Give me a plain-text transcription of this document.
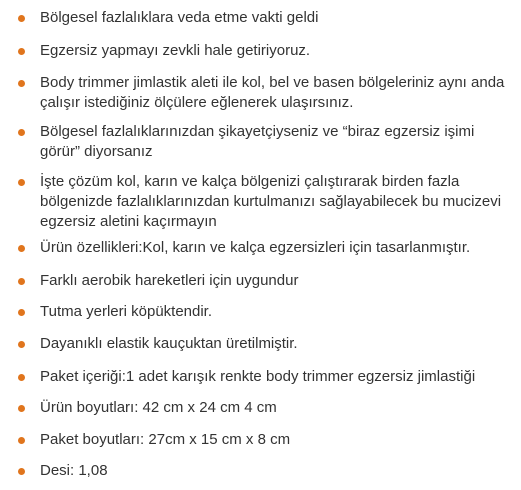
Bölgesel fazlalıklara veda etme vakti geldi
Egzersiz yapmayı zevkli hale getiriyoruz.
Body trimmer jimlastik aleti ile kol, bel ve basen bölgeleriniz aynı anda çalışır istediğiniz ölçülere eğlenerek ulaşırsınız.
Bölgesel fazlalıklarınızdan şikayetçiyseniz ve “biraz egzersiz işimi görür” diyorsanız
İşte çözüm kol, karın ve kalça bölgenizi çalıştırarak birden fazla bölgenizde fazlalıklarınızdan kurtulmanızı sağlayabilecek bu mucizevi egzersiz aletini kaçırmayın
Ürün özellikleri:Kol, karın ve kalça egzersizleri için tasarlanmıştır.
Farklı aerobik hareketleri için uygundur
Tutma yerleri köpüktendir.
Dayanıklı elastik kauçuktan üretilmiştir.
Paket içeriği:1 adet karışık renkte body trimmer egzersiz jimlastiği
Ürün boyutları: 42 cm x 24 cm 4 cm
Paket boyutları: 27cm x 15 cm x 8 cm
Desi: 1,08
